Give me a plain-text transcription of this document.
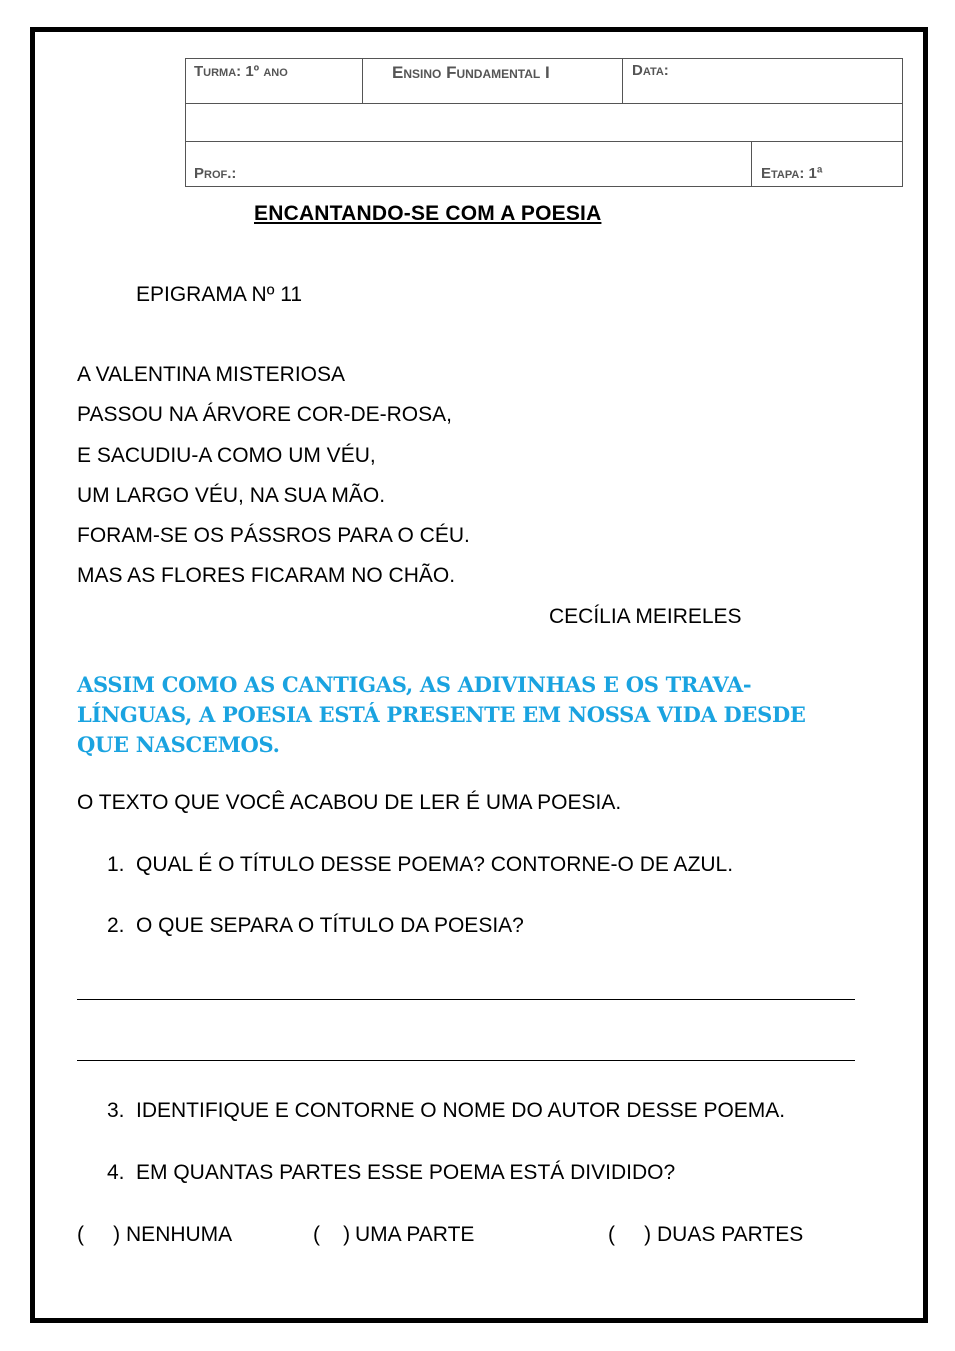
Turma: 1º ano	Ensino Fundamental I	Data:
Prof.:	Etapa: 1ª
ENCANTANDO-SE COM A POESIA
EPIGRAMA Nº 11
A VALENTINA MISTERIOSA
PASSOU NA ÁRVORE COR-DE-ROSA,
E SACUDIU-A COMO UM VÉU,
UM LARGO VÉU, NA SUA MÃO.
FORAM-SE OS PÁSSROS PARA O CÉU.
MAS AS FLORES FICARAM NO CHÃO.
CECÍLIA MEIRELES
ASSIM COMO AS CANTIGAS, AS ADIVINHAS E OS TRAVA-
LÍNGUAS, A POESIA ESTÁ PRESENTE EM NOSSA VIDA DESDE
QUE NASCEMOS.
O TEXTO QUE VOCÊ ACABOU DE LER É UMA POESIA.
1. QUAL É O TÍTULO DESSE POEMA? CONTORNE-O DE AZUL.
2. O QUE SEPARA O TÍTULO DA POESIA?
3. IDENTIFIQUE E CONTORNE O NOME DO AUTOR DESSE POEMA.
4. EM QUANTAS PARTES ESSE POEMA ESTÁ DIVIDIDO?
(     ) NENHUMA	(     ) UMA PARTE	(     ) DUAS PARTES
